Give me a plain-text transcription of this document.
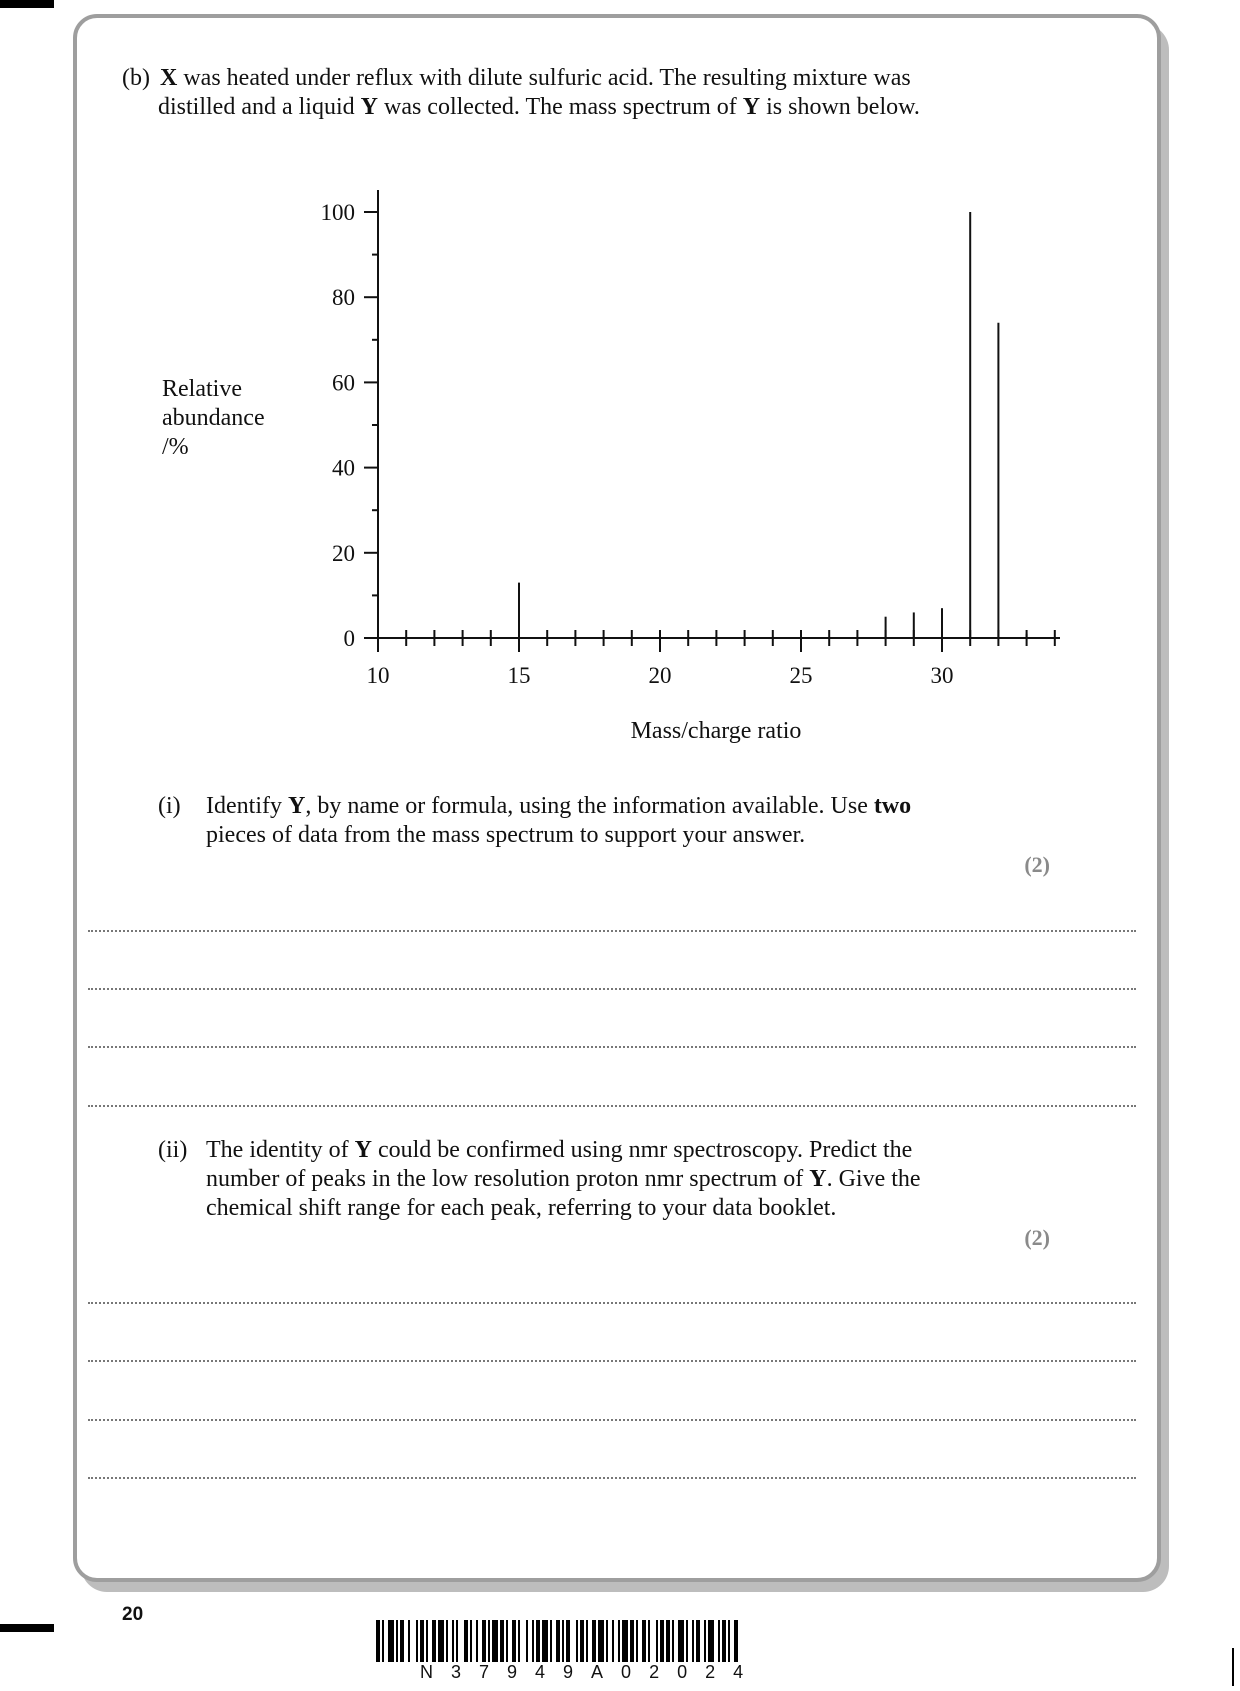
(b) X was heated under reflux with dilute sulfuric acid. The resulting mixture was
distilled and a liquid Y was collected. The mass spectrum of Y is shown below.
0
20
40
60
80
100
10	15	20	25	30
Mass/charge ratio
Relative
abundance
/%
(i) Identify Y, by name or formula, using the information available. Use two
pieces of data from the mass spectrum to support your answer.
(2)
(ii) The identity of Y could be confirmed using nmr spectroscopy. Predict the
number of peaks in the low resolution proton nmr spectrum of Y. Give the
chemical shift range for each peak, referring to your data booklet.
(2)
20
N37949A02024
